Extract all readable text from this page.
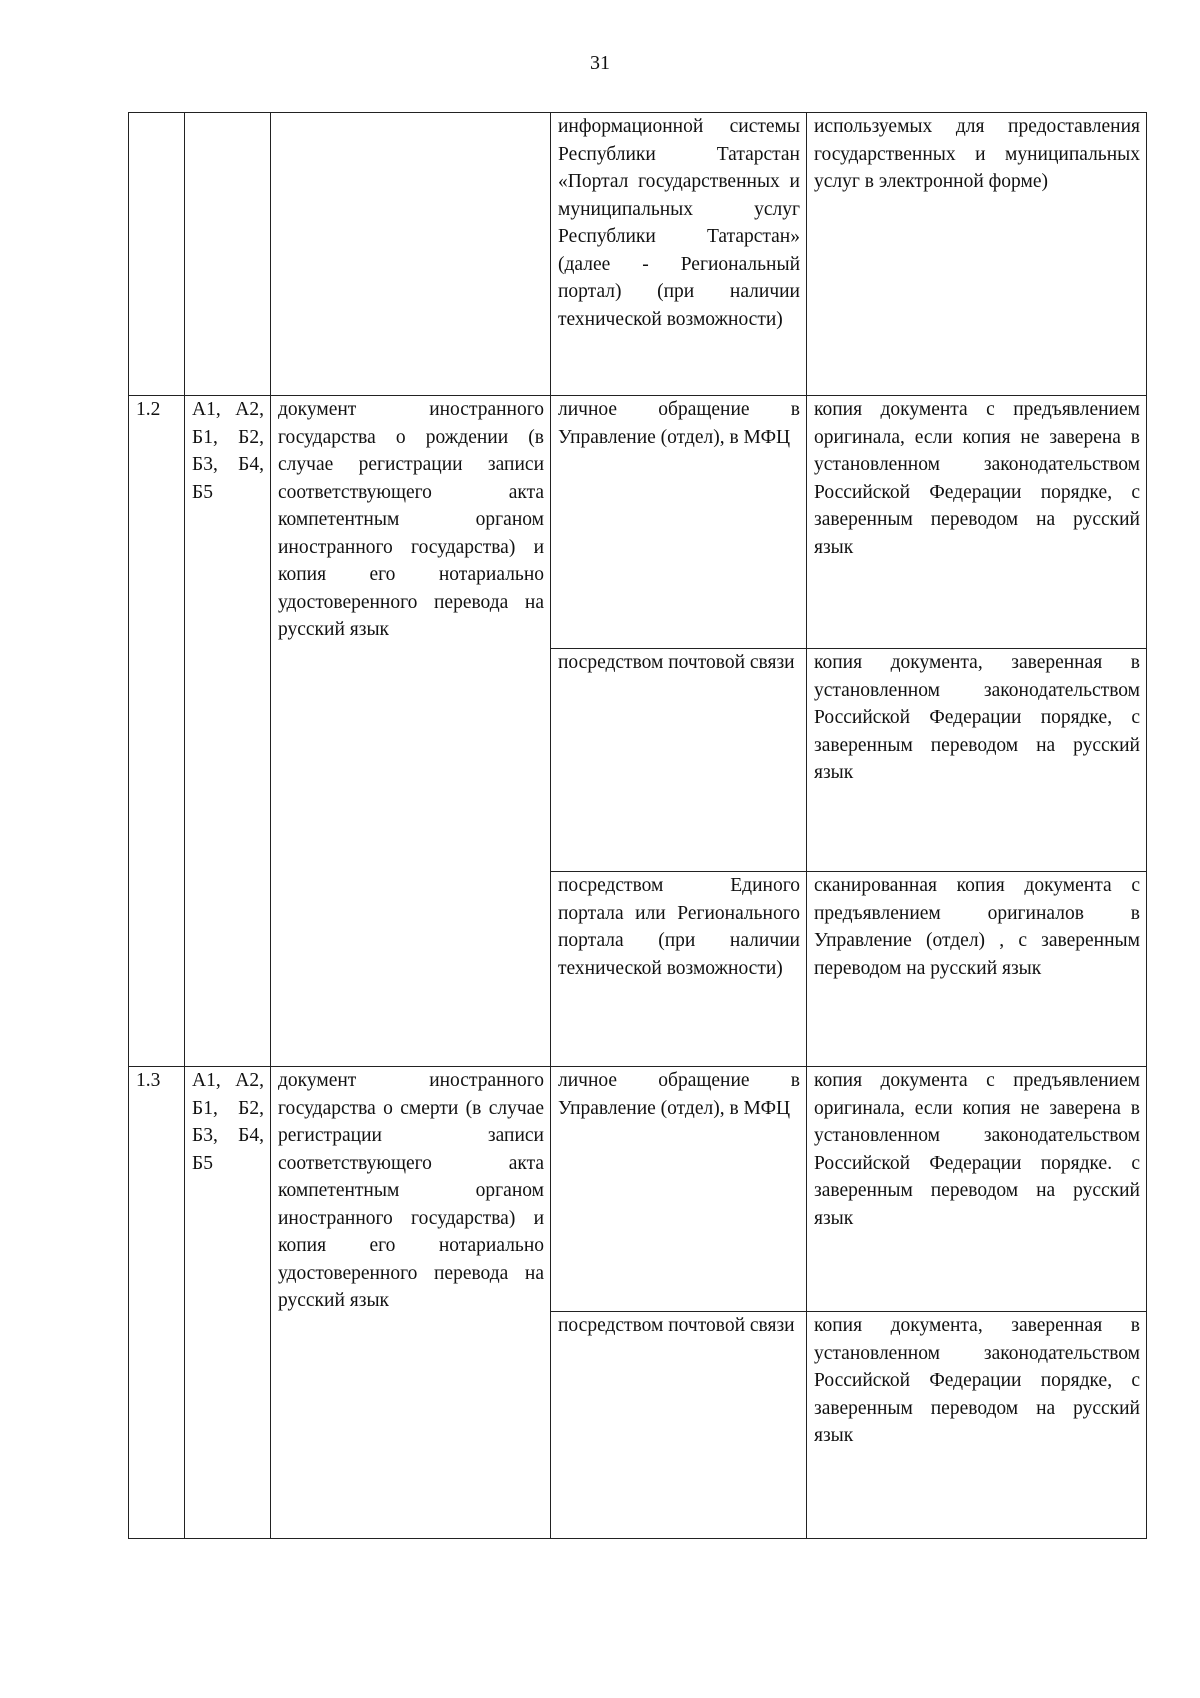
31
			информационной системы Республики Татарстан «Портал государственных и муниципальных услуг Республики Татарстан» (далее - Региональный портал) (при наличии технической возможности)	используемых для предоставления государственных и муниципальных услуг в электронной форме)
1.2	А1, А2, Б1, Б2, Б3, Б4, Б5	документ иностранного государства о рождении (в случае регистрации записи соответствующего акта компетентным органом иностранного государства) и копия его нотариально удостоверенного перевода на русский язык	личное обращение в Управление (отдел), в МФЦ	копия документа с предъявлением оригинала, если копия не заверена в установленном законодательством Российской Федерации порядке, с заверенным переводом на русский язык
			посредством почтовой связи	копия документа, заверенная в установленном законодательством Российской Федерации порядке, с заверенным переводом на русский язык
			посредством Единого портала или Регионального портала (при наличии технической возможности)	сканированная копия документа с предъявлением оригиналов в Управление (отдел) , с заверенным переводом на русский язык
1.3	А1, А2, Б1, Б2, Б3, Б4, Б5	документ иностранного государства о смерти (в случае регистрации записи соответствующего акта компетентным органом иностранного государства) и копия его нотариально удостоверенного перевода на русский язык	личное обращение в Управление (отдел), в МФЦ	копия документа с предъявлением оригинала, если копия не заверена в установленном законодательством Российской Федерации порядке. с заверенным переводом на русский язык
			посредством почтовой связи	копия документа, заверенная в установленном законодательством Российской Федерации порядке, с заверенным переводом на русский язык
